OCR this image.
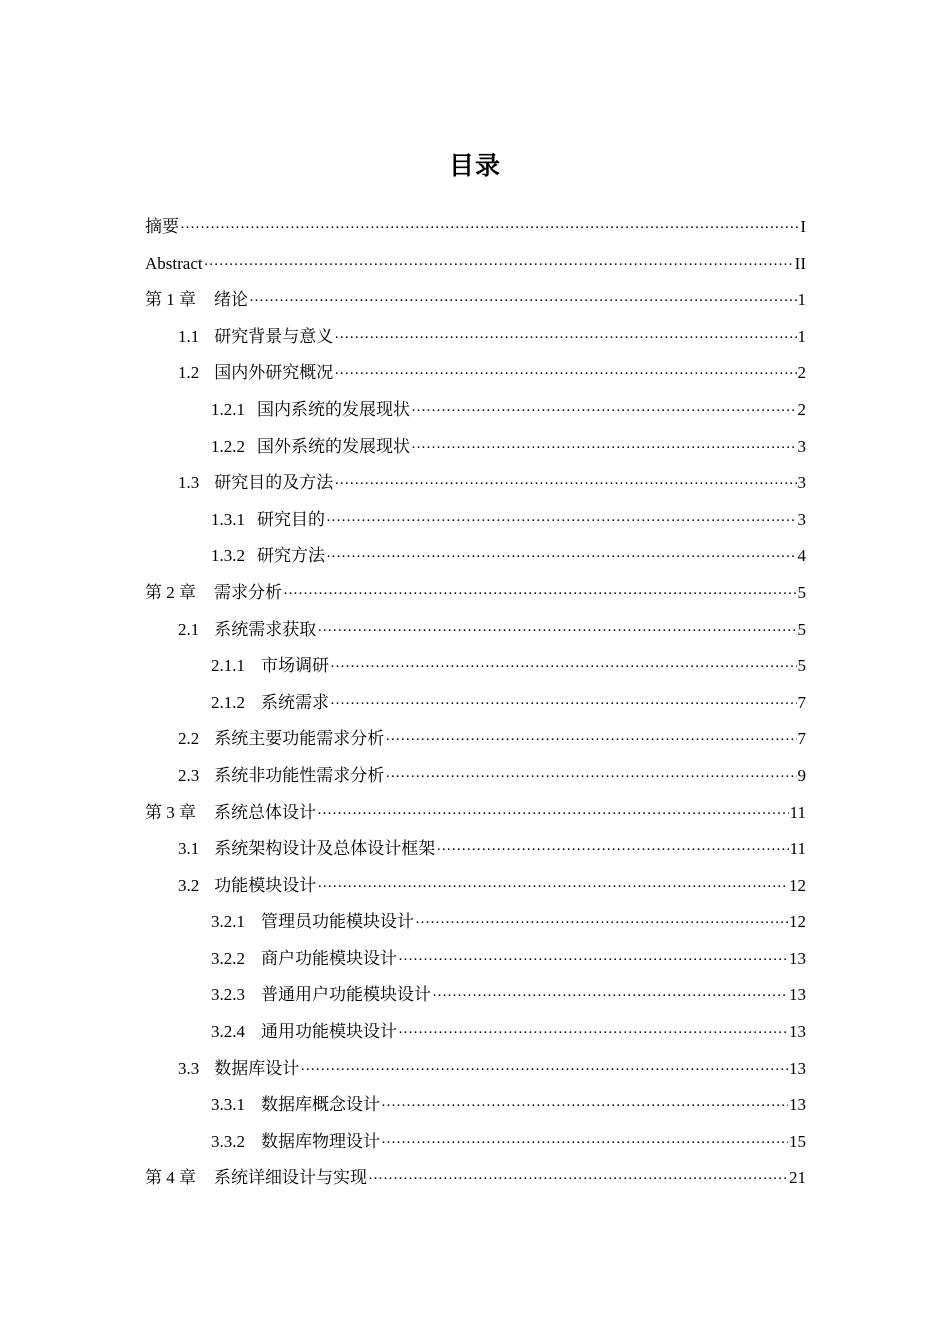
目录
摘要 ·····	I
Abstract ·····	II
第 1 章 绪论 ·····	1
1.1 研究背景与意义 ·····	1
1.2 国内外研究概况 ·····	2
1.2.1 国内系统的发展现状 ·····	2
1.2.2 国外系统的发展现状 ·····	3
1.3 研究目的及方法 ·····	3
1.3.1 研究目的 ·····	3
1.3.2 研究方法 ·····	4
第 2 章 需求分析 ·····	5
2.1 系统需求获取 ·····	5
2.1.1 市场调研 ·····	5
2.1.2 系统需求 ·····	7
2.2 系统主要功能需求分析 ·····	7
2.3 系统非功能性需求分析 ·····	9
第 3 章 系统总体设计 ·····	11
3.1 系统架构设计及总体设计框架 ·····	11
3.2 功能模块设计 ·····	12
3.2.1 管理员功能模块设计 ·····	12
3.2.2 商户功能模块设计 ·····	13
3.2.3 普通用户功能模块设计 ·····	13
3.2.4 通用功能模块设计 ·····	13
3.3 数据库设计 ·····	13
3.3.1 数据库概念设计 ·····	13
3.3.2 数据库物理设计 ·····	15
第 4 章 系统详细设计与实现 ·····	21
